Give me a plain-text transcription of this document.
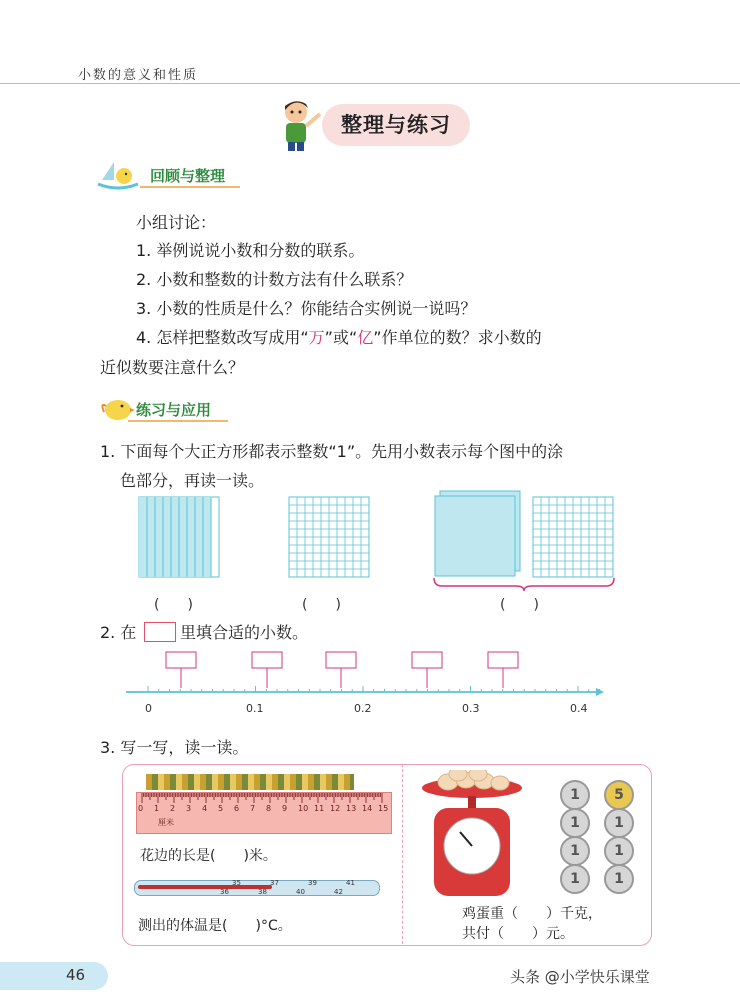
小数的意义和性质
整理与练习
回顾与整理
小组讨论：
1. 举例说说小数和分数的联系。
2. 小数和整数的计数方法有什么联系？
3. 小数的性质是什么？你能结合实例说一说吗？
4. 怎样把整数改写成用“万”或“亿”作单位的数？求小数的
近似数要注意什么？
练习与应用
1. 下面每个大正方形都表示整数“1”。先用小数表示每个图中的涂
色部分，再读一读。
(　　)	(　　)	(　　)
2. 在	里填合适的小数。
0	0.1	0.2	0.3	0.4
3. 写一写，读一读。
0 1 2 3 4 5 6 7 8 9 10 11 12 13 14 15
厘米
花边的长是(　　)米。
35
36
37
38
39
40
41
42
测出的体温是(　　)°C。
鸡蛋重（　　）千克，
共付（　　）元。
1	5
1	1
1	1
1	1
46	头条 @小学快乐课堂
